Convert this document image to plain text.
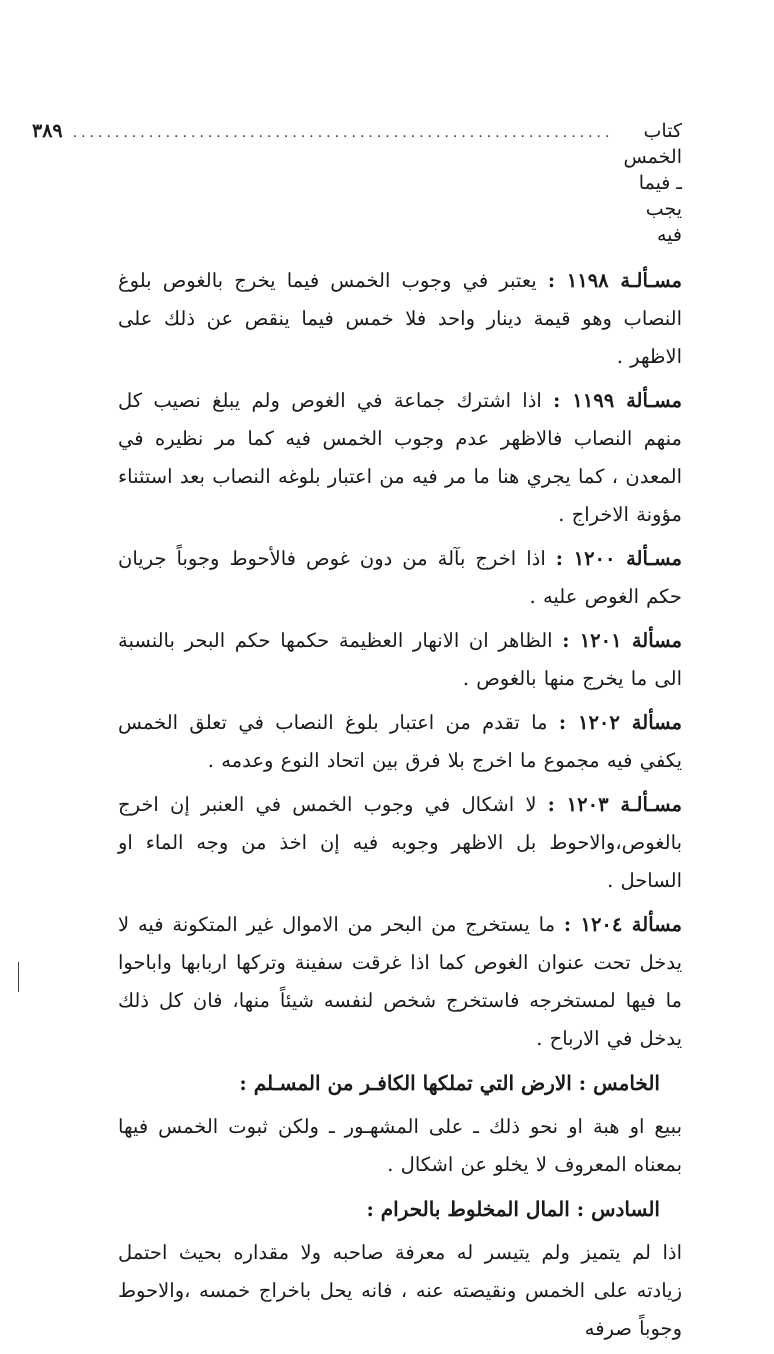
كتاب الخمس ـ فيما يجب فيه
................................................................
٣٨٩

مسـألـة ١١٩٨ : يعتبر في وجوب الخمس فيما يخرج بالغوص بلوغ النصاب وهو قيمة دينار واحد فلا خمس فيما ينقص عن ذلك على الاظهر .

مسـألة ١١٩٩ : اذا اشترك جماعة في الغوص ولم يبلغ نصيب كل منهم النصاب فالاظهر عدم وجوب الخمس فيه كما مر نظيره في المعدن ، كما يجري هنا ما مر فيه من اعتبار بلوغه النصاب بعد استثناء مؤونة الاخراج .

مسـألة ١٢٠٠ : اذا اخرج بآلة من دون غوص فالأحوط وجوباً جريان حكم الغوص عليه .

مسألة ١٢٠١ : الظاهر ان الانهار العظيمة حكمها حكم البحر بالنسبة الى ما يخرج منها بالغوص .

مسألة ١٢٠٢ : ما تقدم من اعتبار بلوغ النصاب في تعلق الخمس يكفي فيه مجموع ما اخرج بلا فرق بين اتحاد النوع وعدمه .

مسـألـة ١٢٠٣ : لا اشكال في وجوب الخمس في العنبر إن اخرج بالغوص،والاحوط بل الاظهر وجوبه فيه إن اخذ من وجه الماء او الساحل .

مسألة ١٢٠٤ : ما يستخرج من البحر من الاموال غير المتكونة فيه لا يدخل تحت عنوان الغوص كما اذا غرقت سفينة وتركها اربابها واباحوا ما فيها لمستخرجه فاستخرج شخص لنفسه شيئاً منها، فان كل ذلك يدخل في الارباح .

الخامس : الارض التي تملكها الكافـر من المسـلم :

ببيع او هبة او نحو ذلك ـ على المشهـور ـ ولكن ثبوت الخمس فيها بمعناه المعروف لا يخلو عن اشكال .

السادس : المال المخلوط بالحرام :

اذا لم يتميز ولم يتيسر له معرفة صاحبه ولا مقداره بحيث احتمل زيادته على الخمس ونقيصته عنه ، فانه يحل باخراج خمسه ،والاحوط وجوباً صرفه
